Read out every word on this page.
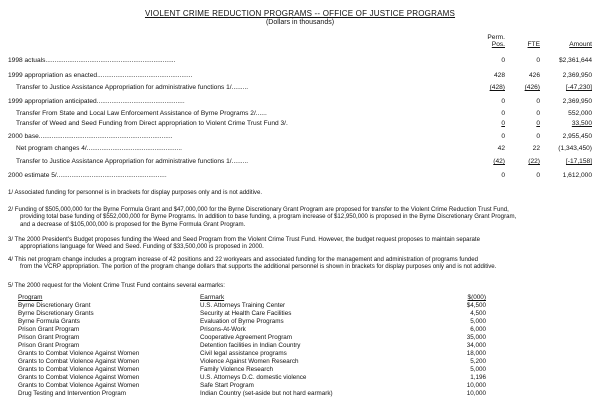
VIOLENT CRIME REDUCTION PROGRAMS -- OFFICE OF JUSTICE PROGRAMS
(Dollars in thousands)
Perm.
Pos.	FTE	Amount
1998 actuals.......................................................................	0	0	$2,361,644
1999 appropriation as enacted....................................................	428	426	2,369,950
Transfer to Justice Assistance Appropriation for administrative functions 1/.........	(428)	(426)	[-47,230]
1999 appropriation anticipated................................................	0	0	2,369,950
Transfer From State and Local Law Enforcement Assistance of Byrne Programs 2/......	0	0	552,000
Transfer of Weed and Seed Funding from Direct appropriation to Violent Crime Trust Fund 3/.	0	0	33,500
2000 base.........................................................................	0	0	2,955,450
Net program changes 4/....................................................	42	22	(1,343,450)
Transfer to Justice Assistance Appropriation for administrative functions 1/.........	(42)	(22)	[-17,158]
2000 estimate 5/............................................................	0	0	1,612,000
1/ Associated funding for personnel is in brackets for display purposes only and is not additive.
2/ Funding of $505,000,000 for the Byrne Formula Grant and $47,000,000 for the Byrne Discretionary Grant Program are proposed for transfer to the Violent Crime Reduction Trust Fund,
providing total base funding of $552,000,000 for Byrne Programs. In addition to base funding, a program increase of $12,950,000 is proposed in the Byrne Discretionary Grant Program,
and a decrease of $105,000,000 is proposed for the Byrne Formula Grant Program.
3/ The 2000 President's Budget proposes funding the Weed and Seed Program from the Violent Crime Trust Fund. However, the budget request proposes to maintain separate
appropriations language for Weed and Seed. Funding of $33,500,000 is proposed in 2000.
4/ This net program change includes a program increase of 42 positions and 22 workyears and associated funding for the management and administration of programs funded
from the VCRP appropriation. The portion of the program change dollars that supports the additional personnel is shown in brackets for display purposes only and is not additive.
5/ The 2000 request for the Violent Crime Trust Fund contains several earmarks:
Program	Earmark	$(000)
Byrne Discretionary Grant	U.S. Attorneys Training Center	$4,500
Byrne Discretionary Grants	Security at Health Care Facilities	4,500
Byrne Formula Grants	Evaluation of Byrne Programs	5,000
Prison Grant Program	Prisons-At-Work	6,000
Prison Grant Program	Cooperative Agreement Program	35,000
Prison Grant Program	Detention facilities in Indian Country	34,000
Grants to Combat Violence Against Women	Civil legal assistance programs	18,000
Grants to Combat Violence Against Women	Violence Against Women Research	5,200
Grants to Combat Violence Against Women	Family Violence Research	5,000
Grants to Combat Violence Against Women	U.S. Attorneys D.C. domestic violence	1,196
Grants to Combat Violence Against Women	Safe Start Program	10,000
Drug Testing and Intervention Program	Indian Country (set-aside but not hard earmark)	10,000
